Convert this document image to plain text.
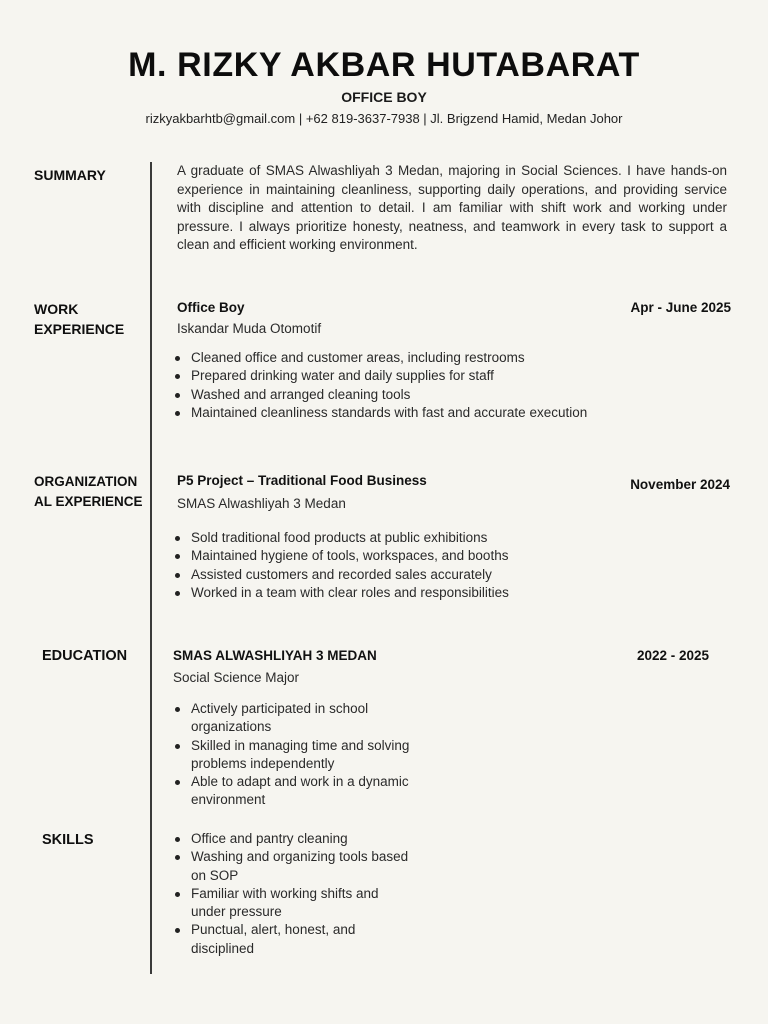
M. RIZKY AKBAR HUTABARAT
OFFICE BOY
rizkyakbarhtb@gmail.com | +62 819-3637-7938 | Jl. Brigzend Hamid, Medan Johor
SUMMARY	A graduate of SMAS Alwashliyah 3 Medan, majoring in Social Sciences. I have hands-on experience in maintaining cleanliness, supporting daily operations, and providing service with discipline and attention to detail. I am familiar with shift work and working under pressure. I always prioritize honesty, neatness, and teamwork in every task to support a clean and efficient working environment.
WORK
EXPERIENCE
Office Boy	Apr - June 2025
Iskandar Muda Otomotif
Cleaned office and customer areas, including restrooms
Prepared drinking water and daily supplies for staff
Washed and arranged cleaning tools
Maintained cleanliness standards with fast and accurate execution
ORGANIZATION
AL EXPERIENCE
P5 Project – Traditional Food Business	November 2024
SMAS Alwashliyah 3 Medan
Sold traditional food products at public exhibitions
Maintained hygiene of tools, workspaces, and booths
Assisted customers and recorded sales accurately
Worked in a team with clear roles and responsibilities
EDUCATION	SMAS ALWASHLIYAH 3 MEDAN	2022 - 2025
Social Science Major
Actively participated in school organizations
Skilled in managing time and solving problems independently
Able to adapt and work in a dynamic environment
SKILLS	Office and pantry cleaning
Washing and organizing tools based on SOP
Familiar with working shifts and under pressure
Punctual, alert, honest, and disciplined
